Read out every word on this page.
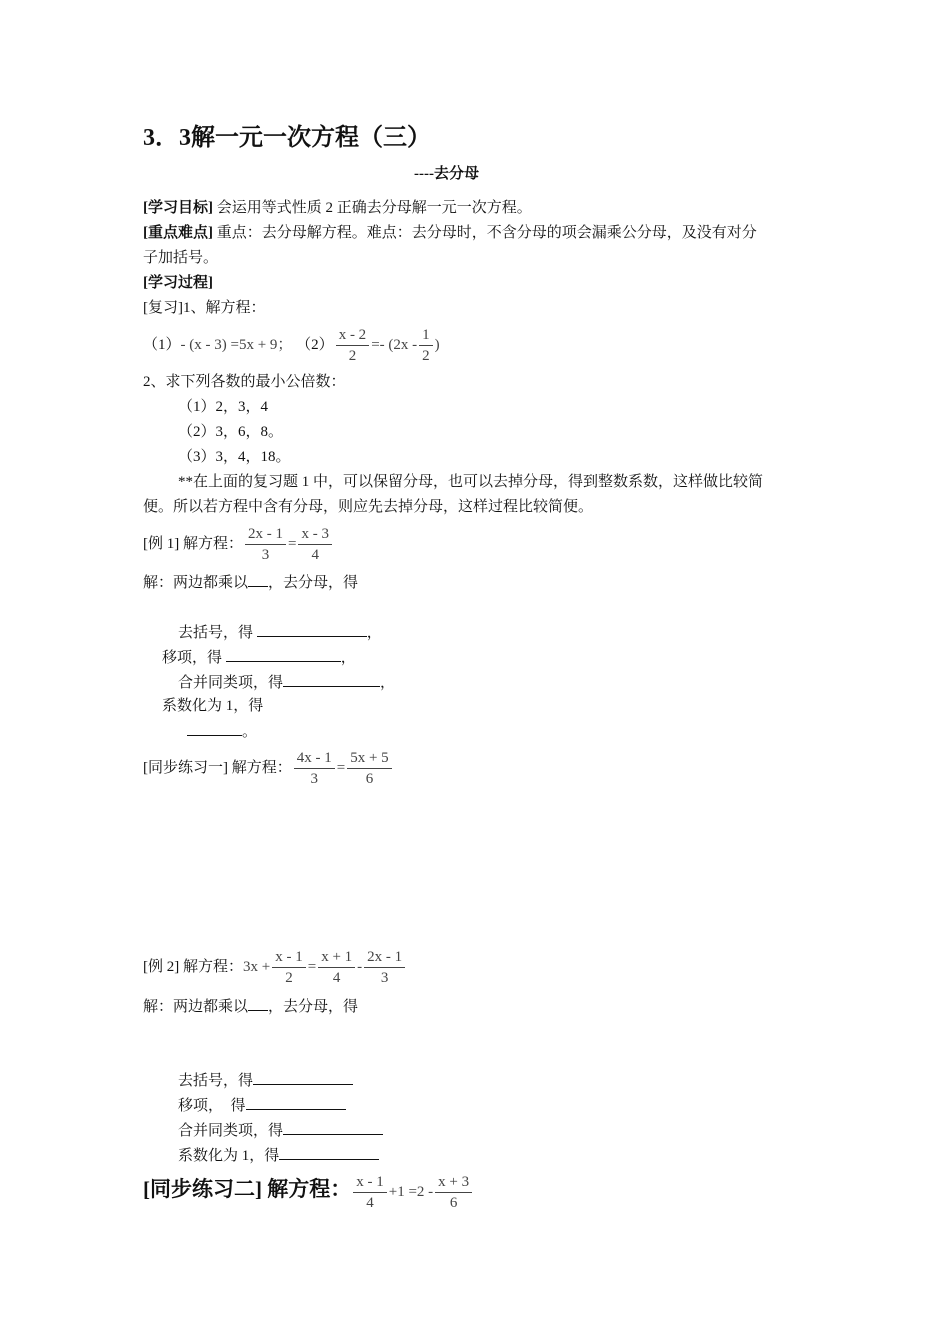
3．3解一元一次方程（三）
----去分母
[学习目标] 会运用等式性质 2 正确去分母解一元一次方程。
[重点难点] 重点：去分母解方程。难点：去分母时，不含分母的项会漏乘公分母，及没有对分
子加括号。
[学习过程]
[复习]1、解方程：
（1）- (x - 3) =5x + 9； $(2) \frac{x - 2}{2} =- (2x - \frac{1}{2}$ )
2、求下列各数的最小公倍数：
（1）2，3，4
（2）3，6，8。
（3）3，4，18。
**在上面的复习题 1 中，可以保留分母，也可以去掉分母，得到整数系数，这样做比较简
便。所以若方程中含有分母，则应先去掉分母，这样过程比较简便。
[例 1] 解方程： $\frac{2x - 1}{3} = \frac{x - 3}{4}$
解：两边都乘以 ，去分母，得
去括号，得	，
移项，得	，
合并同类项，得	，
系数化为 1，得
。
[同步练习一] 解方程： $\frac{4x - 1}{3} = \frac{5x + 5}{6}$
[例 2] 解方程：$3x + \frac{x - 1}{2} = \frac{x + 1}{4} - \frac{2x - 1}{3}$
解：两边都乘以 ，去分母，得
去括号，得
移项，　得
合并同类项，得
系数化为 1，得
[同步练习二] 解方程： $\frac{x - 1}{4} +1 =2 - \frac{x + 3}{6}$
